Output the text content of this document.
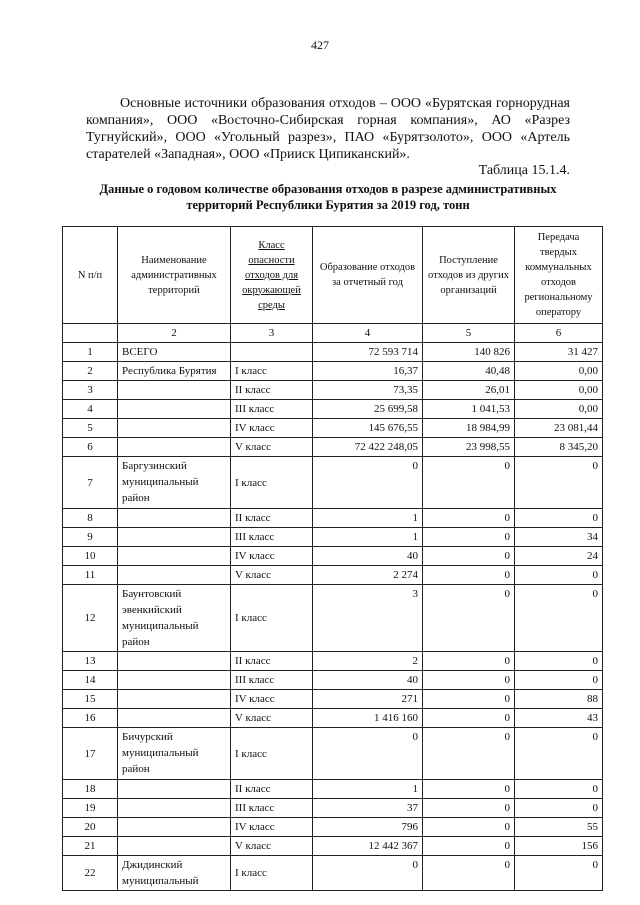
427

Основные источники образования отходов – ООО «Бурятская горнорудная компания», ООО «Восточно-Сибирская горная компания», АО «Разрез Тугнуйский», ООО «Угольный разрез», ПАО «Бурятзолото», ООО «Артель старателей «Западная», ООО «Прииск Ципиканский».

Таблица 15.1.4.
Данные о годовом количестве образования отходов в разрезе административных территорий Республики Бурятия за 2019 год, тонн
N п/п	Наименование административных территорий	Класс опасности отходов для окружающей среды	Образование отходов за отчетный год	Поступление отходов из других организаций	Передача твердых коммунальных отходов региональному оператору
	2	3	4	5	6
1	ВСЕГО		72 593 714	140 826	31 427
2	Республика Бурятия	I класс	16,37	40,48	0,00
3		II класс	73,35	26,01	0,00
4		III класс	25 699,58	1 041,53	0,00
5		IV класс	145 676,55	18 984,99	23 081,44
6		V класс	72 422 248,05	23 998,55	8 345,20
7	Баргузинский муниципальный район	I класс	0	0	0
8		II класс	1	0	0
9		III класс	1	0	34
10		IV класс	40	0	24
11		V класс	2 274	0	0
12	Баунтовский эвенкийский муниципальный район	I класс	3	0	0
13		II класс	2	0	0
14		III класс	40	0	0
15		IV класс	271	0	88
16		V класс	1 416 160	0	43
17	Бичурский муниципальный район	I класс	0	0	0
18		II класс	1	0	0
19		III класс	37	0	0
20		IV класс	796	0	55
21		V класс	12 442 367	0	156
22	Джидинский муниципальный	I класс	0	0	0
